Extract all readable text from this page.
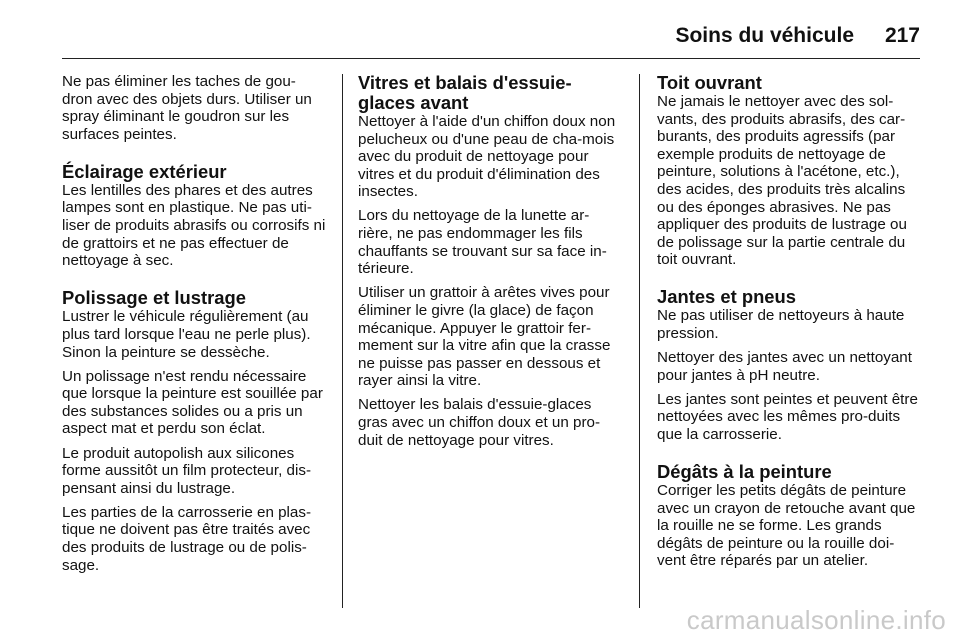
Soins du véhicule 217

Ne pas éliminer les taches de gou-dron avec des objets durs. Utiliser un spray éliminant le goudron sur les surfaces peintes.

Éclairage extérieur

Les lentilles des phares et des autres lampes sont en plastique. Ne pas uti-liser de produits abrasifs ou corrosifs ni de grattoirs et ne pas effectuer de nettoyage à sec.

Polissage et lustrage

Lustrer le véhicule régulièrement (au plus tard lorsque l'eau ne perle plus). Sinon la peinture se dessèche.

Un polissage n'est rendu nécessaire que lorsque la peinture est souillée par des substances solides ou a pris un aspect mat et perdu son éclat.

Le produit autopolish aux silicones forme aussitôt un film protecteur, dis-pensant ainsi du lustrage.

Les parties de la carrosserie en plas-tique ne doivent pas être traités avec des produits de lustrage ou de polis-sage.

Vitres et balais d'essuie-glaces avant

Nettoyer à l'aide d'un chiffon doux non pelucheux ou d'une peau de cha-mois avec du produit de nettoyage pour vitres et du produit d'élimination des insectes.

Lors du nettoyage de la lunette ar-rière, ne pas endommager les fils chauffants se trouvant sur sa face in-térieure.

Utiliser un grattoir à arêtes vives pour éliminer le givre (la glace) de façon mécanique. Appuyer le grattoir fer-mement sur la vitre afin que la crasse ne puisse pas passer en dessous et rayer ainsi la vitre.

Nettoyer les balais d'essuie-glaces gras avec un chiffon doux et un pro-duit de nettoyage pour vitres.

Toit ouvrant

Ne jamais le nettoyer avec des sol-vants, des produits abrasifs, des car-burants, des produits agressifs (par exemple produits de nettoyage de peinture, solutions à l'acétone, etc.), des acides, des produits très alcalins ou des éponges abrasives. Ne pas appliquer des produits de lustrage ou de polissage sur la partie centrale du toit ouvrant.

Jantes et pneus

Ne pas utiliser de nettoyeurs à haute pression.

Nettoyer des jantes avec un nettoyant pour jantes à pH neutre.

Les jantes sont peintes et peuvent être nettoyées avec les mêmes pro-duits que la carrosserie.

Dégâts à la peinture

Corriger les petits dégâts de peinture avec un crayon de retouche avant que la rouille ne se forme. Les grands dégâts de peinture ou la rouille doi-vent être réparés par un atelier.

carmanualsonline.info
